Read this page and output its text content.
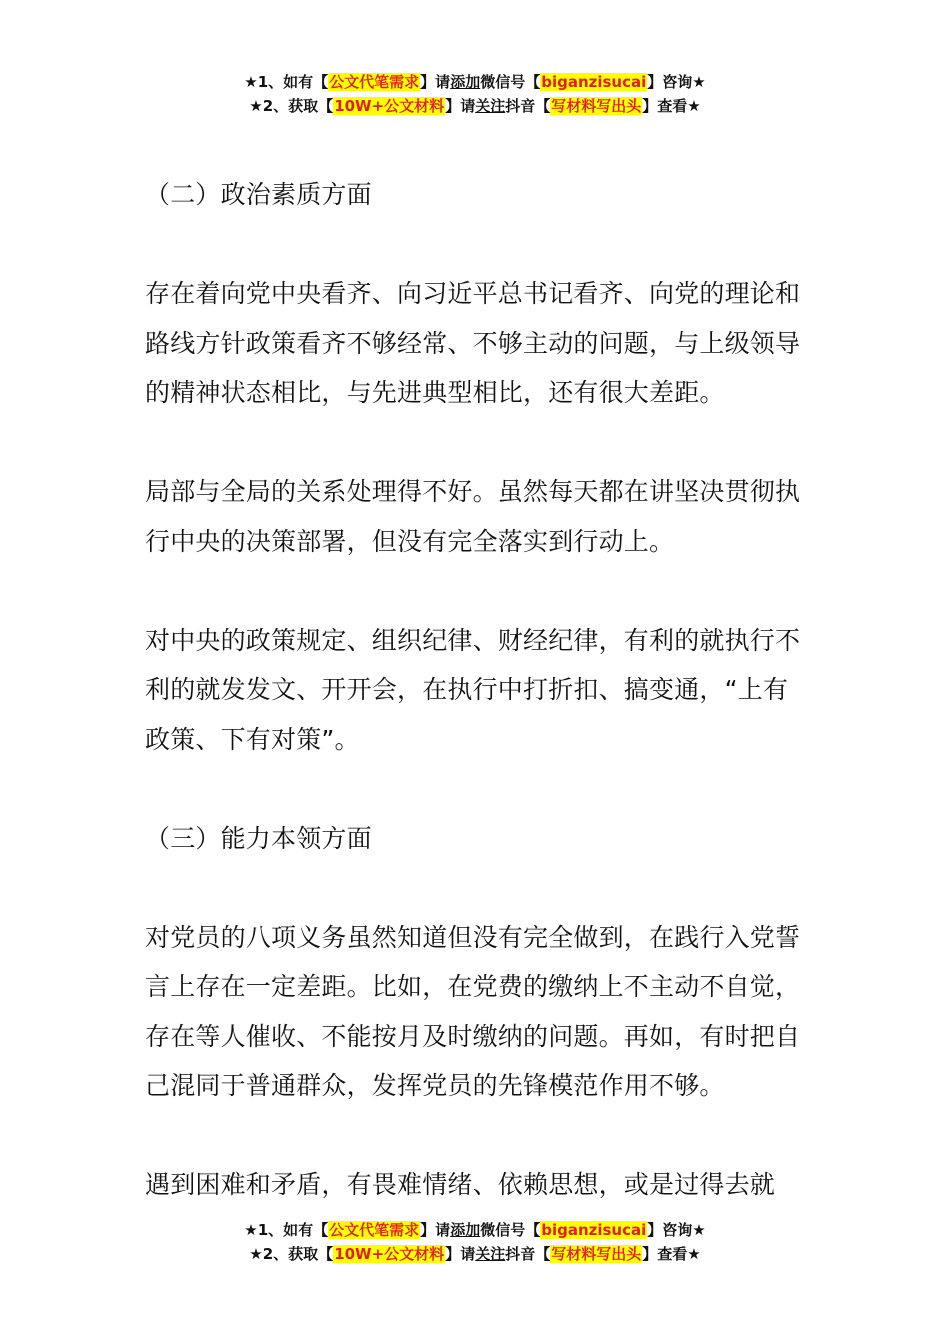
★1、如有【公文代笔需求】请添加微信号【biganzisucai】咨询★
★2、获取【10W+公文材料】请关注抖音【写材料写出头】查看★

（二）政治素质方面

存在着向党中央看齐、向习近平总书记看齐、向党的理论和路线方针政策看齐不够经常、不够主动的问题，与上级领导的精神状态相比，与先进典型相比，还有很大差距。

局部与全局的关系处理得不好。虽然每天都在讲坚决贯彻执行中央的决策部署，但没有完全落实到行动上。

对中央的政策规定、组织纪律、财经纪律，有利的就执行不利的就发发文、开开会，在执行中打折扣、搞变通，“上有政策、下有对策”。

（三）能力本领方面

对党员的八项义务虽然知道但没有完全做到，在践行入党誓言上存在一定差距。比如，在党费的缴纳上不主动不自觉，存在等人催收、不能按月及时缴纳的问题。再如，有时把自己混同于普通群众，发挥党员的先锋模范作用不够。

遇到困难和矛盾，有畏难情绪、依赖思想，或是过得去就

★1、如有【公文代笔需求】请添加微信号【biganzisucai】咨询★
★2、获取【10W+公文材料】请关注抖音【写材料写出头】查看★
